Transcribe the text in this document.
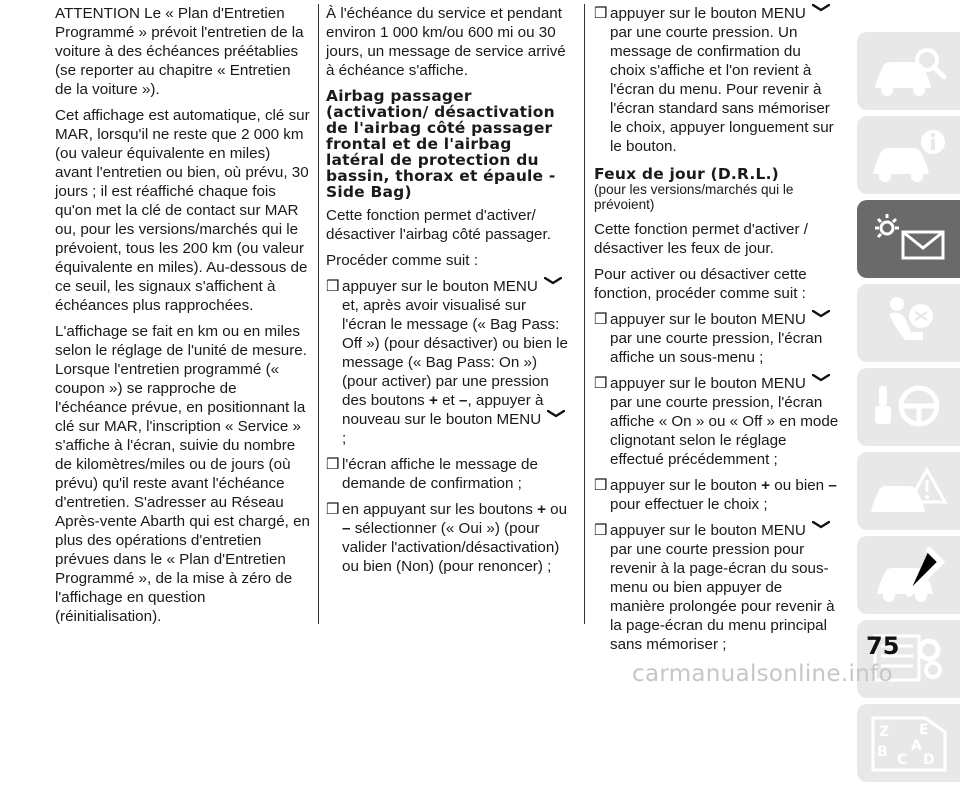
ATTENTION Le « Plan d'Entretien Programmé » prévoit l'entretien de la voiture à des échéances préétablies (se reporter au chapitre « Entretien de la voiture »).

Cet affichage est automatique, clé sur MAR, lorsqu'il ne reste que 2 000 km (ou valeur équivalente en miles) avant l'entretien ou bien, où prévu, 30 jours ; il est réaffiché chaque fois qu'on met la clé de contact sur MAR ou, pour les versions/marchés qui le prévoient, tous les 200 km (ou valeur équivalente en miles). Au-dessous de ce seuil, les signaux s'affichent à échéances plus rapprochées.

L'affichage se fait en km ou en miles selon le réglage de l'unité de mesure. Lorsque l'entretien programmé (« coupon ») se rapproche de l'échéance prévue, en positionnant la clé sur MAR, l'inscription « Service » s'affiche à l'écran, suivie du nombre de kilomètres/miles ou de jours (où prévu) qu'il reste avant l'échéance d'entretien. S'adresser au Réseau Après-vente Abarth qui est chargé, en plus des opérations d'entretien prévues dans le « Plan d'Entretien Programmé », de la mise à zéro de l'affichage en question (réinitialisation).

À l'échéance du service et pendant environ 1 000 km/ou 600 mi ou 30 jours, un message de service arrivé à échéance s'affiche.

Airbag passager (activation/ désactivation de l'airbag côté passager frontal et de l'airbag latéral de protection du bassin, thorax et épaule - Side Bag)

Cette fonction permet d'activer/ désactiver l'airbag côté passager.

Procéder comme suit :

❒ appuyer sur le bouton MENU
et, après avoir visualisé sur l'écran le message (« Bag Pass: Off ») (pour désactiver) ou bien le message (« Bag Pass: On ») (pour activer) par une pression des boutons + et –, appuyer à nouveau sur le bouton MENU
;
❒ l'écran affiche le message de demande de confirmation ;
❒ en appuyant sur les boutons + ou – sélectionner (« Oui ») (pour valider l'activation/désactivation) ou bien (Non) (pour renoncer) ;
❒ appuyer sur le bouton MENU
par une courte pression. Un message de confirmation du choix s'affiche et l'on revient à l'écran du menu. Pour revenir à l'écran standard sans mémoriser le choix, appuyer longuement sur le bouton.
Feux de jour (D.R.L.)

(pour les versions/marchés qui le prévoient)

Cette fonction permet d'activer / désactiver les feux de jour.

Pour activer ou désactiver cette fonction, procéder comme suit :

❒ appuyer sur le bouton MENU
par une courte pression, l'écran affiche un sous-menu ;
❒ appuyer sur le bouton MENU
par une courte pression, l'écran affiche « On » ou « Off » en mode clignotant selon le réglage effectué précédemment ;
❒ appuyer sur le bouton + ou bien – pour effectuer le choix ;
❒ appuyer sur le bouton MENU
par une courte pression pour revenir à la page-écran du sous-menu ou bien appuyer de manière prolongée pour revenir à la page-écran du menu principal sans mémoriser ;
Z E
A
B C D
75
carmanualsonline.info
